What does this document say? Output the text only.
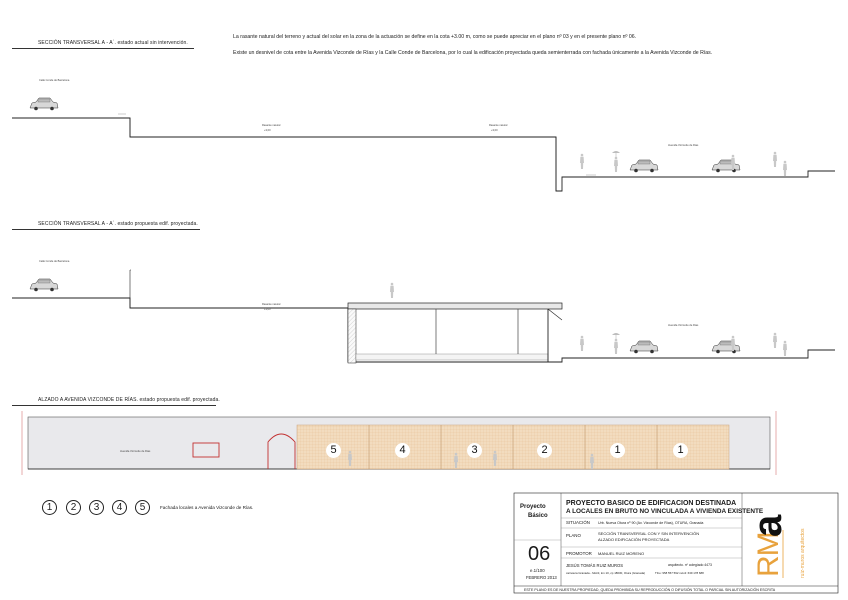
RM
a
SECCIÓN TRANSVERSAL A - A´. estado actual sin intervención.
SECCIÓN TRANSVERSAL A - A´. estado propuesta edif. proyectada.
ALZADO A AVENIDA VIZCONDE DE RÍAS. estado propuesta edif. proyectada.
La rasante natural del terreno y actual del solar en la zona de la actuación se define en la cota +3.00 m, como se puede apreciar en el plano nº 03 y en el presente plano nº 06.
Existe un desnivel de cota entre la Avenida Vizconde de Rías y la Calle Conde de Barcelona, por lo cual la edificación proyectada queda semienterrada con fachada únicamente a la Avenida Vizconde de Rías.
Calle Conde de Barcelona
Avenida Vizconde de Rías
Rasante natural
+3,00
Rasante natural
+3,00
Calle Conde de Barcelona
Avenida Vizconde de Rías
Rasante natural
+3,00
Avenida Vizconde de Rías	5	4	3	2	1	1
1	2	3	4	5	Fachada locales a Avenida Vizconde de Rías.	Proyecto
Básico
PROYECTO BASICO DE EDIFICACION DESTINADA
A LOCALES EN BRUTO NO VINCULADA A VIVIENDA EXISTENTE
SITUACIÓN Urb. Nueva Otura nº 90 (Av. Vizconde de Rías), OTURA, Granada
PLANO	SECCIÓN TRANSVERSAL CON Y SIN INTERVENCIÓN
ALZADO EDIFICACIÓN PROYECTADA
PROMOTOR MANUEL RUIZ MORENO
06
e.1/100
FEBRERO 2013
JESÚS TOMÁS RUIZ MUROS	arquitecto. nº colegiado 4473
carretera Granada - Motril, km 10, cp 18630, Otura (Granada)	Tfno: 958 557 592 móvil: 639 178 688
ESTE PLANO ES DE NUESTRA PROPIEDAD, QUEDA PROHIBIDA SU REPRODUCCIÓN O DIFUSIÓN TOTAL O PARCIAL SIN AUTORIZACIÓN ESCRITA
ruiz-muros arquitectos
